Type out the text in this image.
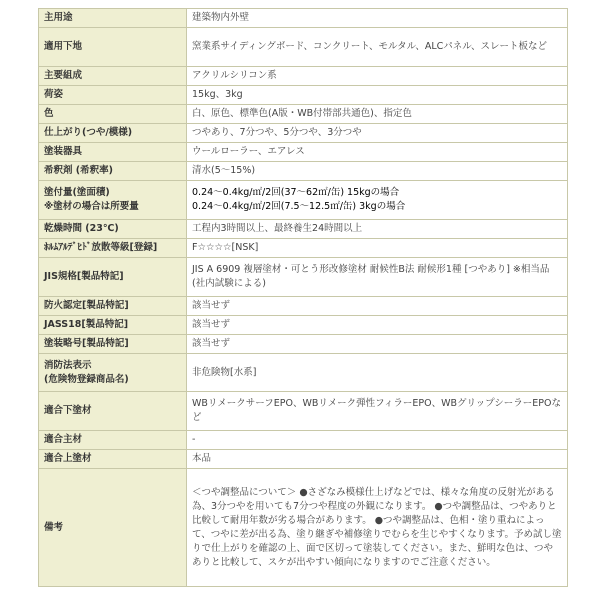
主用途	建築物内外壁

適用下地	窯業系サイディングボード、コンクリート、モルタル、ALCパネル、スレート板など

主要組成	アクリルシリコン系

荷姿	15kg、3kg

色	白、原色、標準色(A版・WB付帯部共通色)、指定色

仕上がり(つや/模様)	つやあり、7分つや、5分つや、3分つや

塗装器具	ウールローラー、エアレス

希釈剤 (希釈率)	清水(5～15%)

塗付量(塗面積)
※塗材の場合は所要量	0.24～0.4kg/㎡/2回(37～62㎡/缶) 15kgの場合
0.24～0.4kg/㎡/2回(7.5～12.5㎡/缶) 3kgの場合

乾燥時間 (23℃)	工程内3時間以上、最終養生24時間以上

ﾎﾙﾑｱﾙﾃﾞﾋﾄﾞ放散等級[登録]	F☆☆☆☆[NSK]

JIS規格[製品特記]	JIS A 6909 複層塗材・可とう形改修塗材 耐候性B法 耐候形1種 [つやあり] ※相当品(社内試験による)

防火認定[製品特記]	該当せず

JASS18[製品特記]	該当せず

塗装略号[製品特記]	該当せず

消防法表示
(危険物登録商品名)	非危険物[水系]

適合下塗材	WBリメークサーフEPO、WBリメーク弾性フィラーEPO、WBグリップシーラーEPOなど

適合主材	-

適合上塗材	本品

備考	＜つや調整品について＞ ●さざなみ模様仕上げなどでは、様々な角度の反射光がある為、3分つやを用いても7分つや程度の外観になります。 ●つや調整品は、つやありと比較して耐用年数が劣る場合があります。 ●つや調整品は、色相・塗り重ねによって、つやに差が出る為、塗り継ぎや補修塗りでむらを生じやすくなります。予め試し塗りで仕上がりを確認の上、面で区切って塗装してください。また、鮮明な色は、つやありと比較して、スケが出やすい傾向になりますのでご注意ください。
